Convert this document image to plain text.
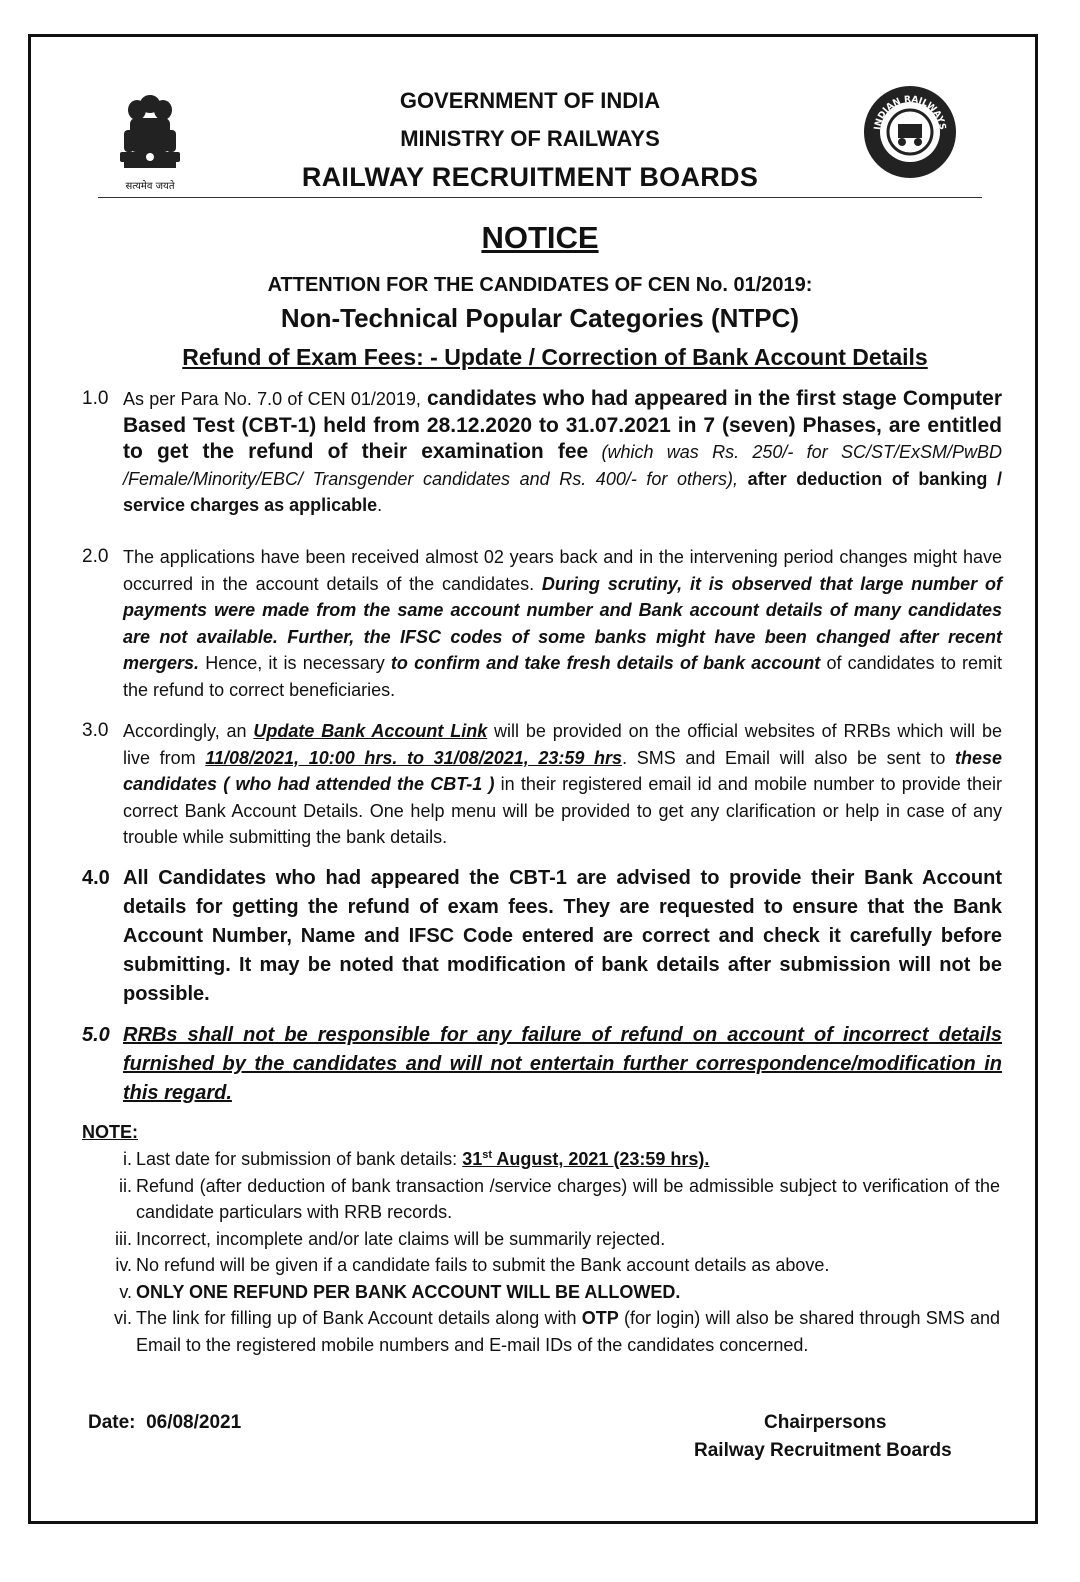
सत्यमेव जयते
INDIAN RAILWAYS
GOVERNMENT OF INDIA
MINISTRY OF RAILWAYS
RAILWAY RECRUITMENT BOARDS
NOTICE
ATTENTION FOR THE CANDIDATES OF CEN No. 01/2019:
Non-Technical Popular Categories (NTPC)
Refund of Exam Fees: - Update / Correction of Bank Account Details
1.0 As per Para No. 7.0 of CEN 01/2019, candidates who had appeared in the first stage Computer Based Test (CBT-1) held from 28.12.2020 to 31.07.2021 in 7 (seven) Phases, are entitled to get the refund of their examination fee (which was Rs. 250/- for SC/ST/ExSM/PwBD /Female/Minority/EBC/ Transgender candidates and Rs. 400/- for others), after deduction of banking / service charges as applicable.
2.0 The applications have been received almost 02 years back and in the intervening period changes might have occurred in the account details of the candidates. During scrutiny, it is observed that large number of payments were made from the same account number and Bank account details of many candidates are not available. Further, the IFSC codes of some banks might have been changed after recent mergers. Hence, it is necessary to confirm and take fresh details of bank account of candidates to remit the refund to correct beneficiaries.
3.0 Accordingly, an Update Bank Account Link will be provided on the official websites of RRBs which will be live from 11/08/2021, 10:00 hrs. to 31/08/2021, 23:59 hrs. SMS and Email will also be sent to these candidates ( who had attended the CBT-1 ) in their registered email id and mobile number to provide their correct Bank Account Details. One help menu will be provided to get any clarification or help in case of any trouble while submitting the bank details.
4.0 All Candidates who had appeared the CBT-1 are advised to provide their Bank Account details for getting the refund of exam fees. They are requested to ensure that the Bank Account Number, Name and IFSC Code entered are correct and check it carefully before submitting. It may be noted that modification of bank details after submission will not be possible.
5.0 RRBs shall not be responsible for any failure of refund on account of incorrect details furnished by the candidates and will not entertain further correspondence/modification in this regard.
NOTE:
i. Last date for submission of bank details: 31st August, 2021 (23:59 hrs).
ii. Refund (after deduction of bank transaction /service charges) will be admissible subject to verification of the candidate particulars with RRB records.
iii. Incorrect, incomplete and/or late claims will be summarily rejected.
iv. No refund will be given if a candidate fails to submit the Bank account details as above.
v. ONLY ONE REFUND PER BANK ACCOUNT WILL BE ALLOWED.
vi. The link for filling up of Bank Account details along with OTP (for login) will also be shared through SMS and Email to the registered mobile numbers and E-mail IDs of the candidates concerned.
Date: 06/08/2021	Chairpersons
Railway Recruitment Boards
